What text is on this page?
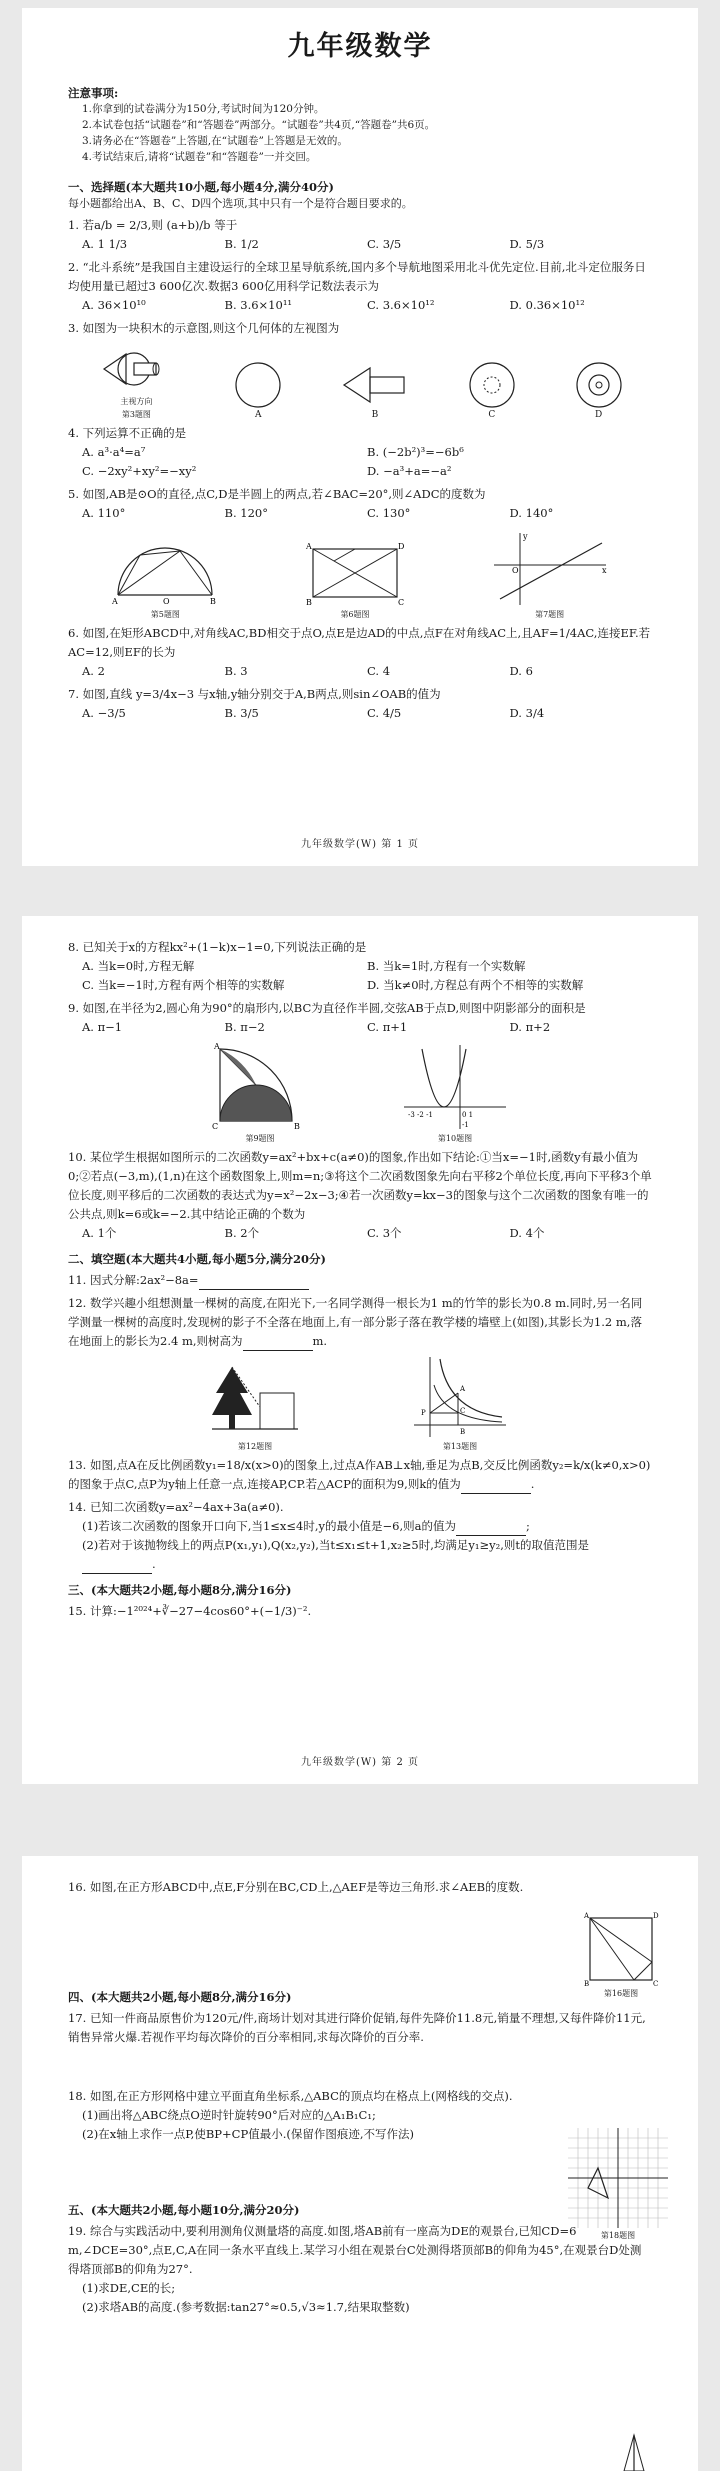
九年级数学
注意事项:
1.你拿到的试卷满分为150分,考试时间为120分钟。
2.本试卷包括“试题卷”和“答题卷”两部分。“试题卷”共4页,“答题卷”共6页。
3.请务必在“答题卷”上答题,在“试题卷”上答题是无效的。
4.考试结束后,请将“试题卷”和“答题卷”一并交回。
一、选择题(本大题共10小题,每小题4分,满分40分)
每小题都给出A、B、C、D四个选项,其中只有一个是符合题目要求的。
1. 若a/b = 2/3,则 (a+b)/b 等于
A. 1 1/3	B. 1/2	C. 3/5	D. 5/3
2. “北斗系统”是我国自主建设运行的全球卫星导航系统,国内多个导航地图采用北斗优先定位.目前,北斗定位服务日均使用量已超过3 600亿次.数据3 600亿用科学记数法表示为
A. 36×10¹⁰	B. 3.6×10¹¹	C. 3.6×10¹²	D. 0.36×10¹²
3. 如图为一块积木的示意图,则这个几何体的左视图为
主视方向
第3题图	A	B	C	D
4. 下列运算不正确的是
A. a³·a⁴=a⁷	B. (−2b²)³=−6b⁶
C. −2xy²+xy²=−xy²	D. −a³+a=−a²
5. 如图,AB是⊙O的直径,点C,D是半圆上的两点,若∠BAC=20°,则∠ADC的度数为
A. 110°	B. 120°	C. 130°	D. 140°
A	B
O
第5题图
A	D
B	C
第6题图
O	x
y
第7题图
6. 如图,在矩形ABCD中,对角线AC,BD相交于点O,点E是边AD的中点,点F在对角线AC上,且AF=1/4AC,连接EF.若AC=12,则EF的长为
A. 2	B. 3	C. 4	D. 6
7. 如图,直线 y=3/4x−3 与x轴,y轴分别交于A,B两点,则sin∠OAB的值为
A. −3/5	B. 3/5	C. 4/5	D. 3/4
九年级数学(W) 第 1 页
8. 已知关于x的方程kx²+(1−k)x−1=0,下列说法正确的是
A. 当k=0时,方程无解	B. 当k=1时,方程有一个实数解
C. 当k=−1时,方程有两个相等的实数解	D. 当k≠0时,方程总有两个不相等的实数解
9. 如图,在半径为2,圆心角为90°的扇形内,以BC为直径作半圆,交弦AB于点D,则图中阴影部分的面积是
A. π−1	B. π−2	C. π+1	D. π+2
A
B
C
第9题图
-3 -2 -1	0 1
-1
第10题图
10. 某位学生根据如图所示的二次函数y=ax²+bx+c(a≠0)的图象,作出如下结论:①当x=−1时,函数y有最小值为0;②若点(−3,m),(1,n)在这个函数图象上,则m=n;③将这个二次函数图象先向右平移2个单位长度,再向下平移3个单位长度,则平移后的二次函数的表达式为y=x²−2x−3;④若一次函数y=kx−3的图象与这个二次函数的图象有唯一的公共点,则k=6或k=−2.其中结论正确的个数为
A. 1个	B. 2个	C. 3个	D. 4个
二、填空题(本大题共4小题,每小题5分,满分20分)
11. 因式分解:2ax²−8a=
12. 数学兴趣小组想测量一棵树的高度,在阳光下,一名同学测得一根长为1 m的竹竿的影长为0.8 m.同时,另一名同学测量一棵树的高度时,发现树的影子不全落在地面上,有一部分影子落在教学楼的墙壁上(如图),其影长为1.2 m,落在地面上的影长为2.4 m,则树高为	m.
第12题图
A
C
B
P
第13题图
13. 如图,点A在反比例函数y₁=18/x(x>0)的图象上,过点A作AB⊥x轴,垂足为点B,交反比例函数y₂=k/x(k≠0,x>0)的图象于点C,点P为y轴上任意一点,连接AP,CP.若△ACP的面积为9,则k的值为	.
14. 已知二次函数y=ax²−4ax+3a(a≠0).
(1)若该二次函数的图象开口向下,当1≤x≤4时,y的最小值是−6,则a的值为	;
(2)若对于该抛物线上的两点P(x₁,y₁),Q(x₂,y₂),当t≤x₁≤t+1,x₂≥5时,均满足y₁≥y₂,则t的取值范围是.
三、(本大题共2小题,每小题8分,满分16分)
15. 计算:−1²⁰²⁴+∛−27−4cos60°+(−1/3)⁻².
九年级数学(W) 第 2 页
16. 如图,在正方形ABCD中,点E,F分别在BC,CD上,△AEF是等边三角形.求∠AEB的度数.
A	D
B	C
第16题图
四、(本大题共2小题,每小题8分,满分16分)
17. 已知一件商品原售价为120元/件,商场计划对其进行降价促销,每件先降价11.8元,销量不理想,又每件降价11元,销售异常火爆.若视作平均每次降价的百分率相同,求每次降价的百分率.
18. 如图,在正方形网格中建立平面直角坐标系,△ABC的顶点均在格点上(网格线的交点).
(1)画出将△ABC绕点O逆时针旋转90°后对应的△A₁B₁C₁;
(2)在x轴上求作一点P,使BP+CP值最小.(保留作图痕迹,不写作法)
第18题图
五、(本大题共2小题,每小题10分,满分20分)
19. 综合与实践活动中,要利用测角仪测量塔的高度.如图,塔AB前有一座高为DE的观景台,已知CD=6 m,∠DCE=30°,点E,C,A在同一条水平直线上.某学习小组在观景台C处测得塔顶部B的仰角为45°,在观景台D处测得塔顶部B的仰角为27°.
(1)求DE,CE的长;
(2)求塔AB的高度.(参考数据:tan27°≈0.5,√3≈1.7,结果取整数)
